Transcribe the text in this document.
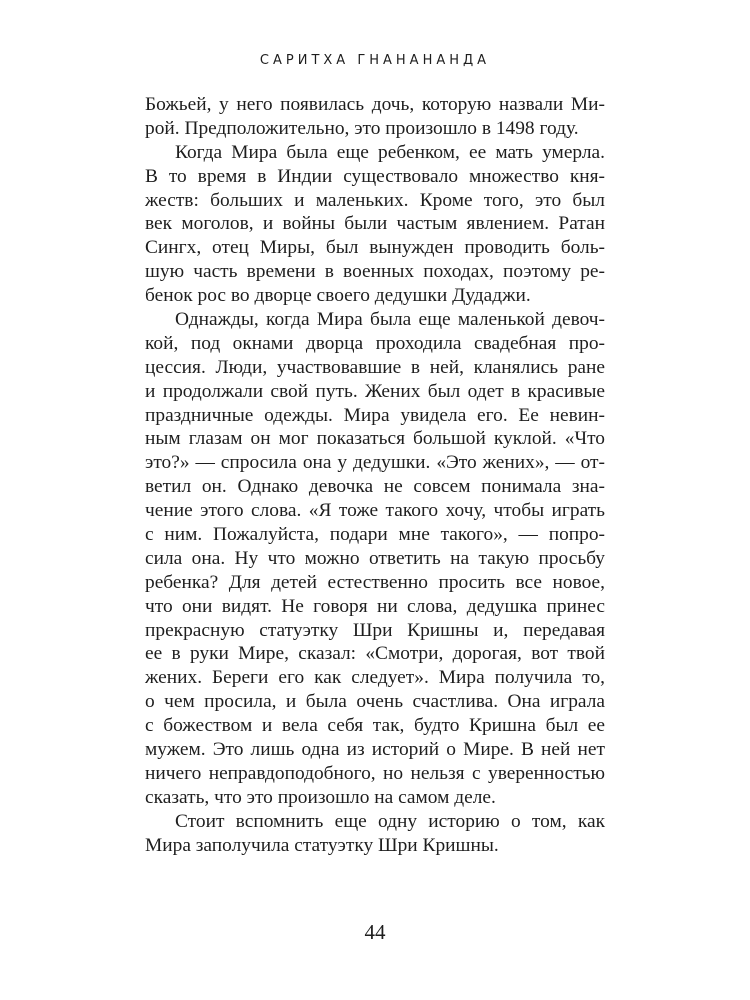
САРИТХА ГНАНАНАНДА
Божьей, у него появилась дочь, которую назвали Ми-
рой. Предположительно, это произошло в 1498 году.
Когда Мира была еще ребенком, ее мать умерла.
В то время в Индии существовало множество кня-
жеств: больших и маленьких. Кроме того, это был
век моголов, и войны были частым явлением. Ратан
Сингх, отец Миры, был вынужден проводить боль-
шую часть времени в военных походах, поэтому ре-
бенок рос во дворце своего дедушки Дудаджи.
Однажды, когда Мира была еще маленькой девоч-
кой, под окнами дворца проходила свадебная про-
цессия. Люди, участвовавшие в ней, кланялись ране
и продолжали свой путь. Жених был одет в красивые
праздничные одежды. Мира увидела его. Ее невин-
ным глазам он мог показаться большой куклой. «Что
это?» — спросила она у дедушки. «Это жених», — от-
ветил он. Однако девочка не совсем понимала зна-
чение этого слова. «Я тоже такого хочу, чтобы играть
с ним. Пожалуйста, подари мне такого», — попро-
сила она. Ну что можно ответить на такую просьбу
ребенка? Для детей естественно просить все новое,
что они видят. Не говоря ни слова, дедушка принес
прекрасную статуэтку Шри Кришны и, передавая
ее в руки Мире, сказал: «Смотри, дорогая, вот твой
жених. Береги его как следует». Мира получила то,
о чем просила, и была очень счастлива. Она играла
с божеством и вела себя так, будто Кришна был ее
мужем. Это лишь одна из историй о Мире. В ней нет
ничего неправдоподобного, но нельзя с уверенностью
сказать, что это произошло на самом деле.
Стоит вспомнить еще одну историю о том, как
Мира заполучила статуэтку Шри Кришны.
44
